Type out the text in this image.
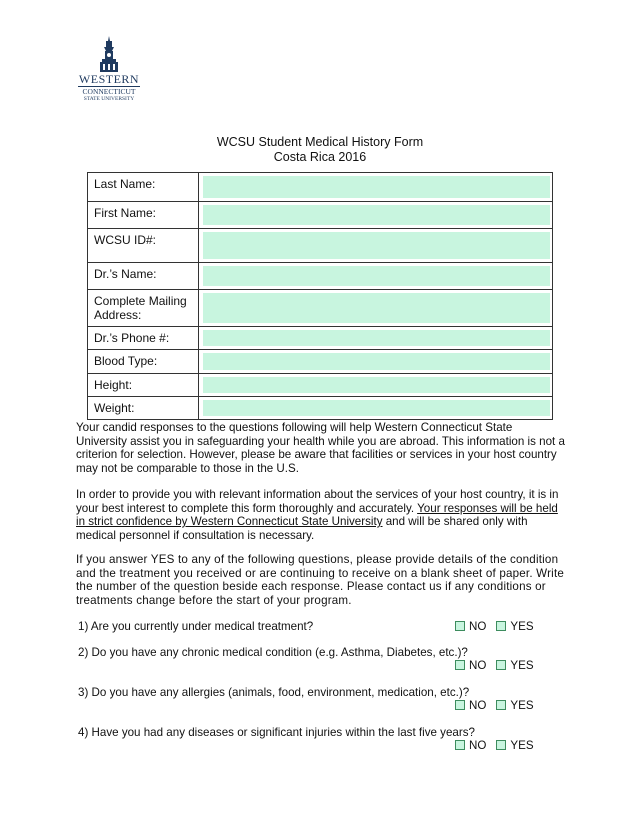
WESTERN
CONNECTICUT
STATE UNIVERSITY
WCSU Student Medical History Form
Costa Rica 2016
Last Name:	

First Name:	

WCSU ID#:	

Dr.’s Name:	

Complete Mailing Address:	

Dr.’s Phone #:	

Blood Type:	

Height:	

Weight:	
Your candid responses to the questions following will help Western Connecticut State University assist you in safeguarding your health while you are abroad. This information is not a criterion for selection. However, please be aware that facilities or services in your host country may not be comparable to those in the U.S.
In order to provide you with relevant information about the services of your host country, it is in your best interest to complete this form thoroughly and accurately. Your responses will be held in strict confidence by Western Connecticut State University and will be shared only with medical personnel if consultation is necessary.
If you answer YES to any of the following questions, please provide details of the condition and the treatment you received or are continuing to receive on a blank sheet of paper. Write the number of the question beside each response. Please contact us if any conditions or treatments change before the start of your program.
1) Are you currently under medical treatment?	NO YES
2) Do you have any chronic medical condition (e.g. Asthma, Diabetes, etc.)?
NO YES
3) Do you have any allergies (animals, food, environment, medication, etc.)?
NO YES
4) Have you had any diseases or significant injuries within the last five years?
NO YES
